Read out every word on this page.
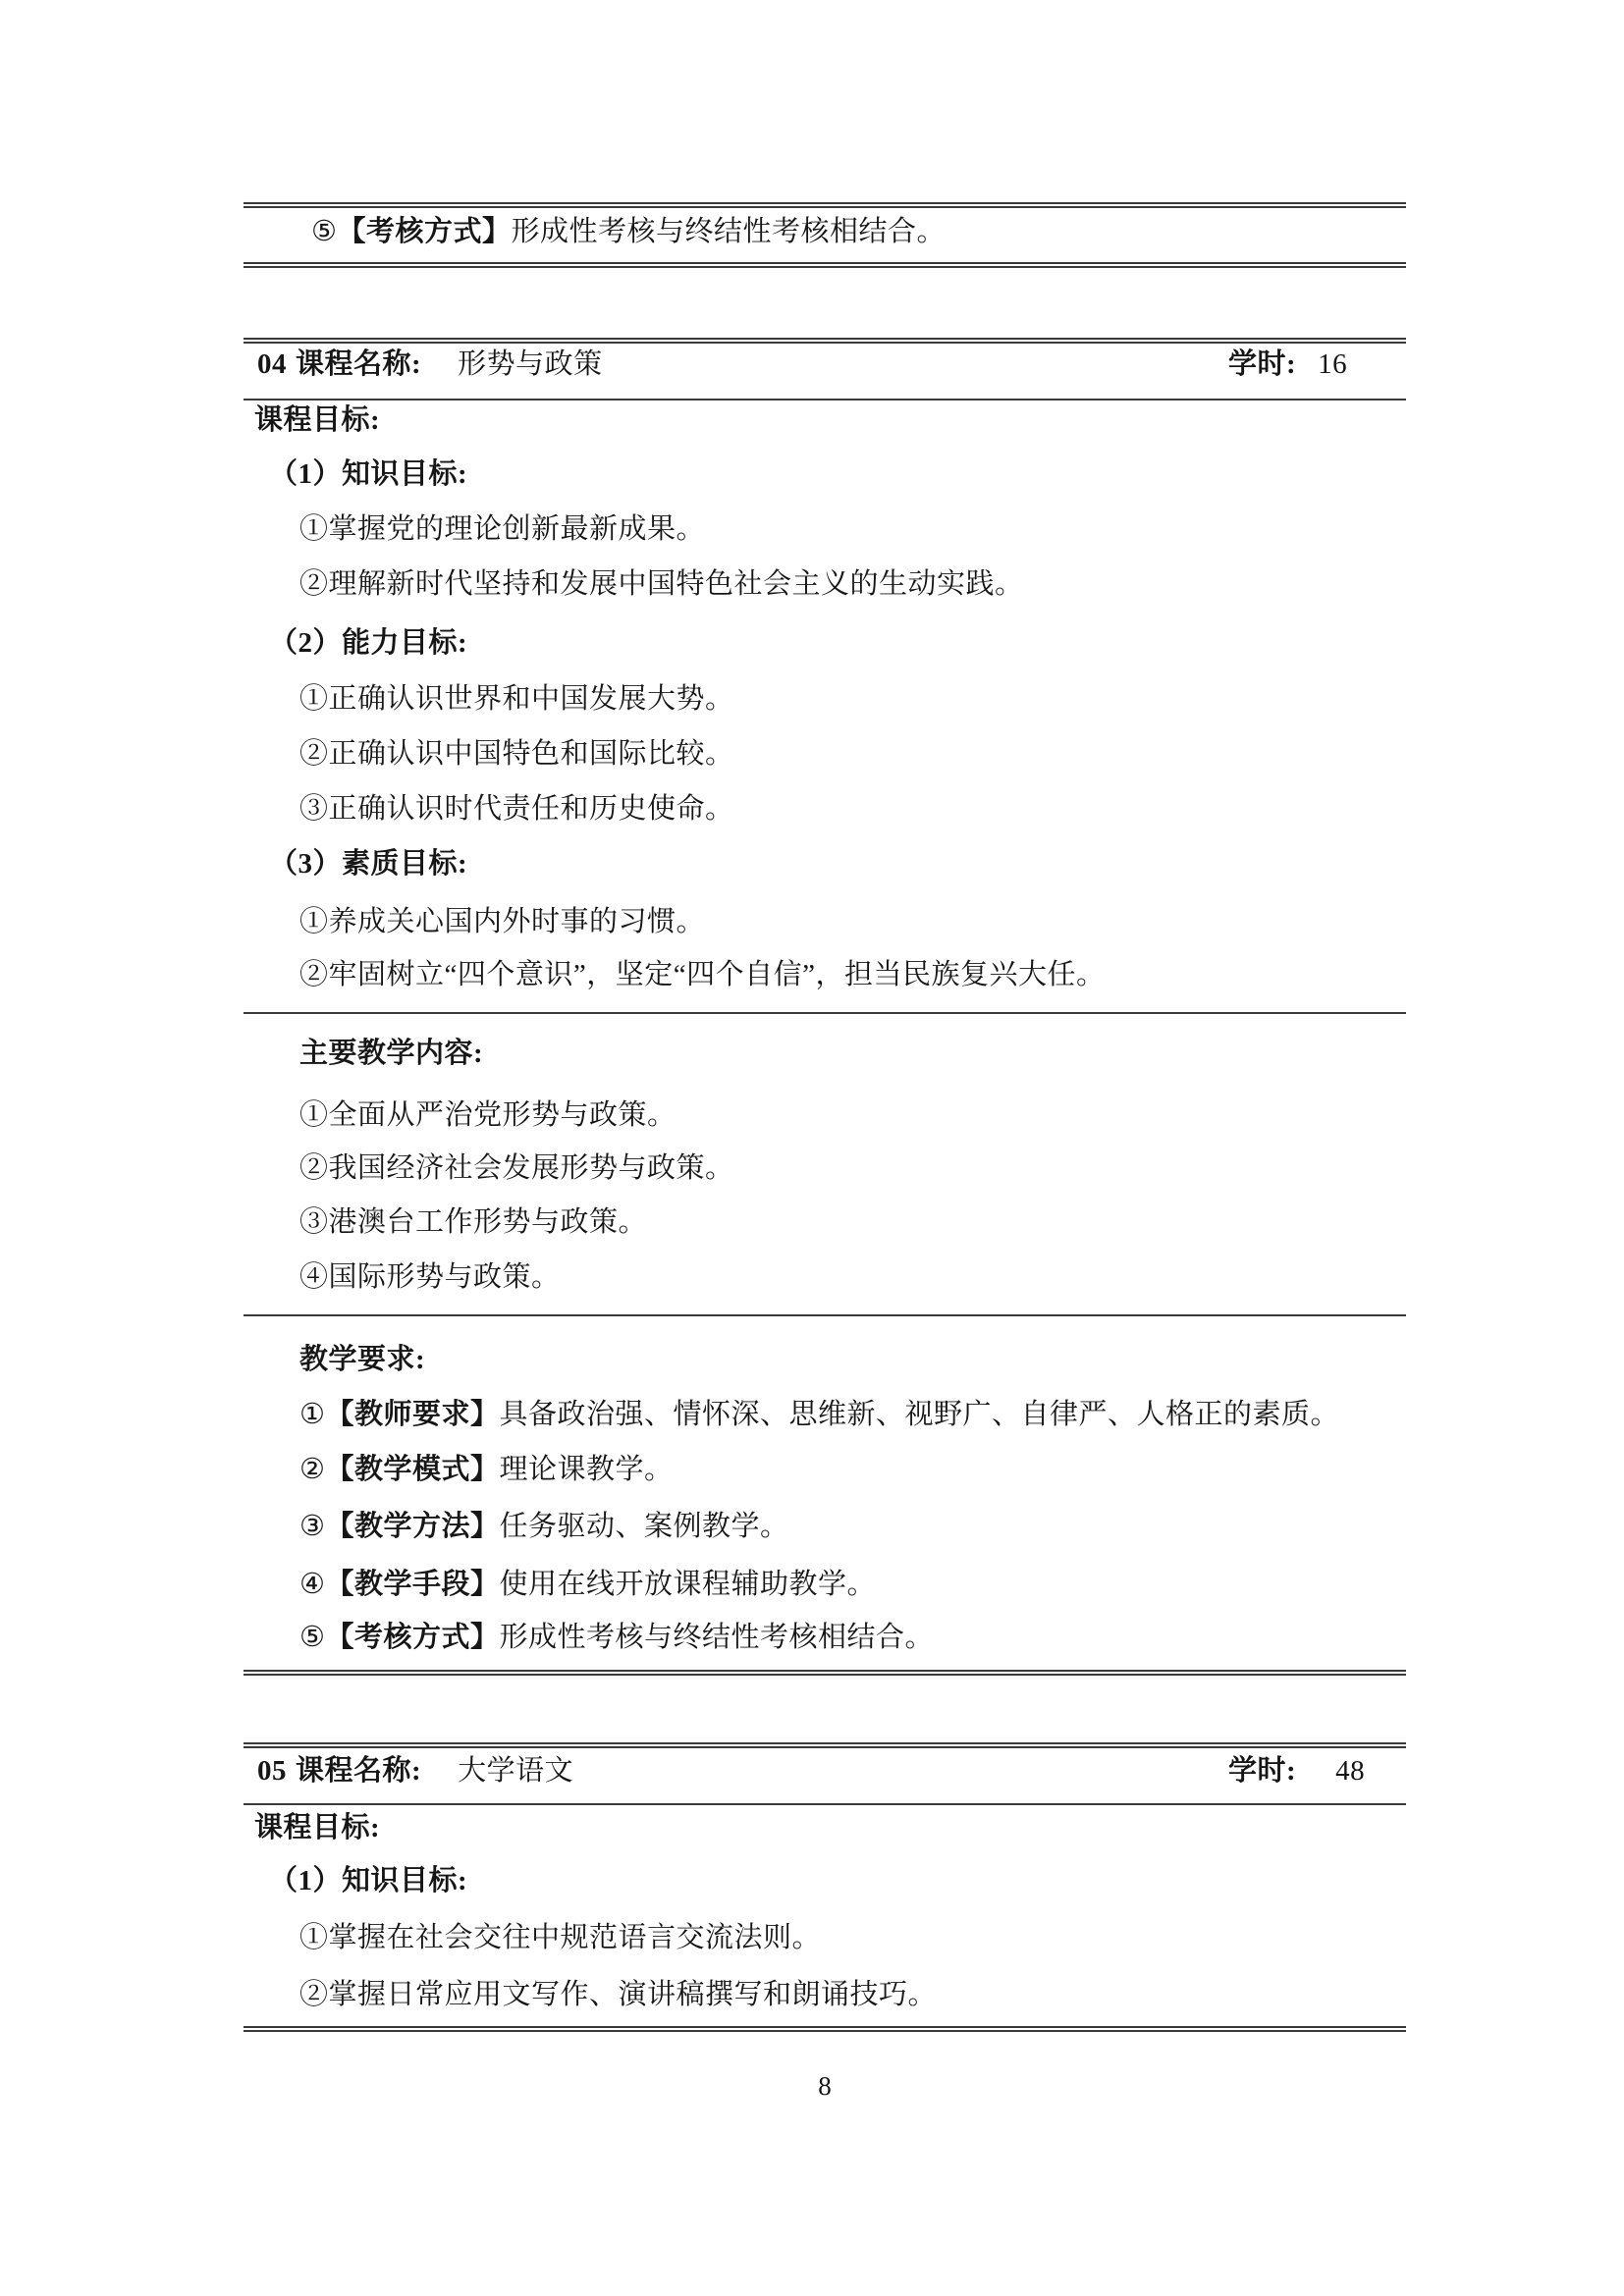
⑤【考核方式】形成性考核与终结性考核相结合。
04 课程名称: 形势与政策	学时: 16
课程目标:
（1）知识目标:
①掌握党的理论创新最新成果。
②理解新时代坚持和发展中国特色社会主义的生动实践。
（2）能力目标:
①正确认识世界和中国发展大势。
②正确认识中国特色和国际比较。
③正确认识时代责任和历史使命。
（3）素质目标:
①养成关心国内外时事的习惯。
②牢固树立“四个意识”，坚定“四个自信”，担当民族复兴大任。
主要教学内容:
①全面从严治党形势与政策。
②我国经济社会发展形势与政策。
③港澳台工作形势与政策。
④国际形势与政策。
教学要求:
①【教师要求】具备政治强、情怀深、思维新、视野广、自律严、人格正的素质。
②【教学模式】理论课教学。
③【教学方法】任务驱动、案例教学。
④【教学手段】使用在线开放课程辅助教学。
⑤【考核方式】形成性考核与终结性考核相结合。
05 课程名称: 大学语文	学时: 48
课程目标:
（1）知识目标:
①掌握在社会交往中规范语言交流法则。
②掌握日常应用文写作、演讲稿撰写和朗诵技巧。
8
